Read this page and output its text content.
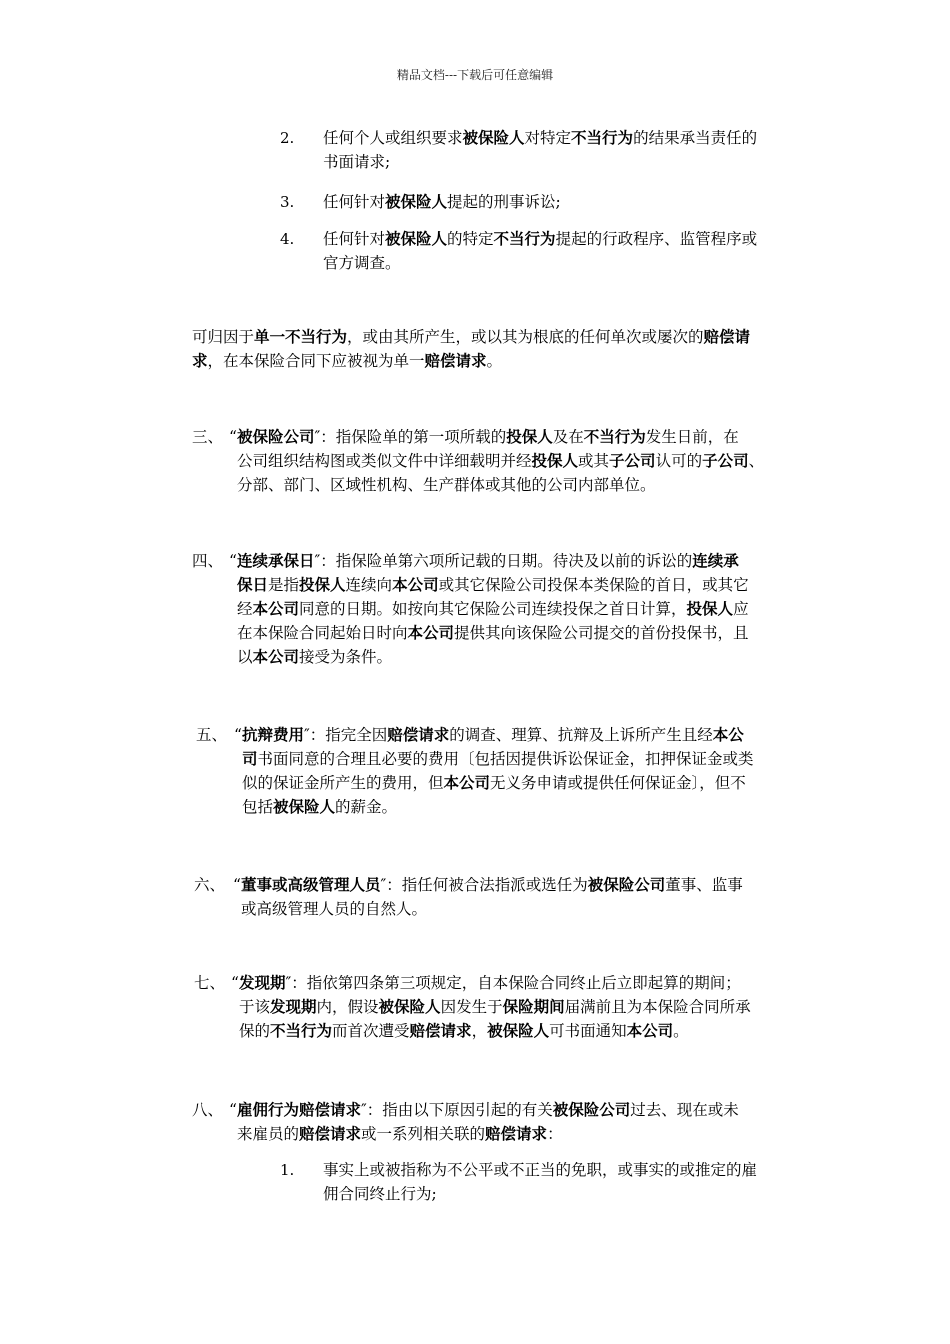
精品文档---下载后可任意编辑
2. 任何个人或组织要求被保险人对特定不当行为的结果承当责任的
书面请求;
3. 任何针对被保险人提起的刑事诉讼;
4. 任何针对被保险人的特定不当行为提起的行政程序、监管程序或
官方调查。
可归因于单一不当行为，或由其所产生，或以其为根底的任何单次或屡次的赔偿请
求，在本保险合同下应被视为单一赔偿请求。
三、 “被保险公司″：指保险单的第一项所载的投保人及在不当行为发生日前，在
公司组织结构图或类似文件中详细载明并经投保人或其子公司认可的子公司、
分部、部门、区域性机构、生产群体或其他的公司内部单位。
四、 “连续承保日″：指保险单第六项所记载的日期。待决及以前的诉讼的连续承
保日是指投保人连续向本公司或其它保险公司投保本类保险的首日，或其它
经本公司同意的日期。如按向其它保险公司连续投保之首日计算，投保人应
在本保险合同起始日时向本公司提供其向该保险公司提交的首份投保书，且
以本公司接受为条件。
五、 “抗辩费用″：指完全因赔偿请求的调查、理算、抗辩及上诉所产生且经本公
司书面同意的合理且必要的费用〔包括因提供诉讼保证金，扣押保证金或类
似的保证金所产生的费用，但本公司无义务申请或提供任何保证金〕，但不
包括被保险人的薪金。
六、 “董事或高级管理人员″：指任何被合法指派或选任为被保险公司董事、监事
或高级管理人员的自然人。
七、 “发现期″：指依第四条第三项规定，自本保险合同终止后立即起算的期间；
于该发现期内，假设被保险人因发生于保险期间届满前且为本保险合同所承
保的不当行为而首次遭受赔偿请求，被保险人可书面通知本公司。
八、 “雇佣行为赔偿请求″：指由以下原因引起的有关被保险公司过去、现在或未
来雇员的赔偿请求或一系列相关联的赔偿请求：
1. 事实上或被指称为不公平或不正当的免职，或事实的或推定的雇
佣合同终止行为;
